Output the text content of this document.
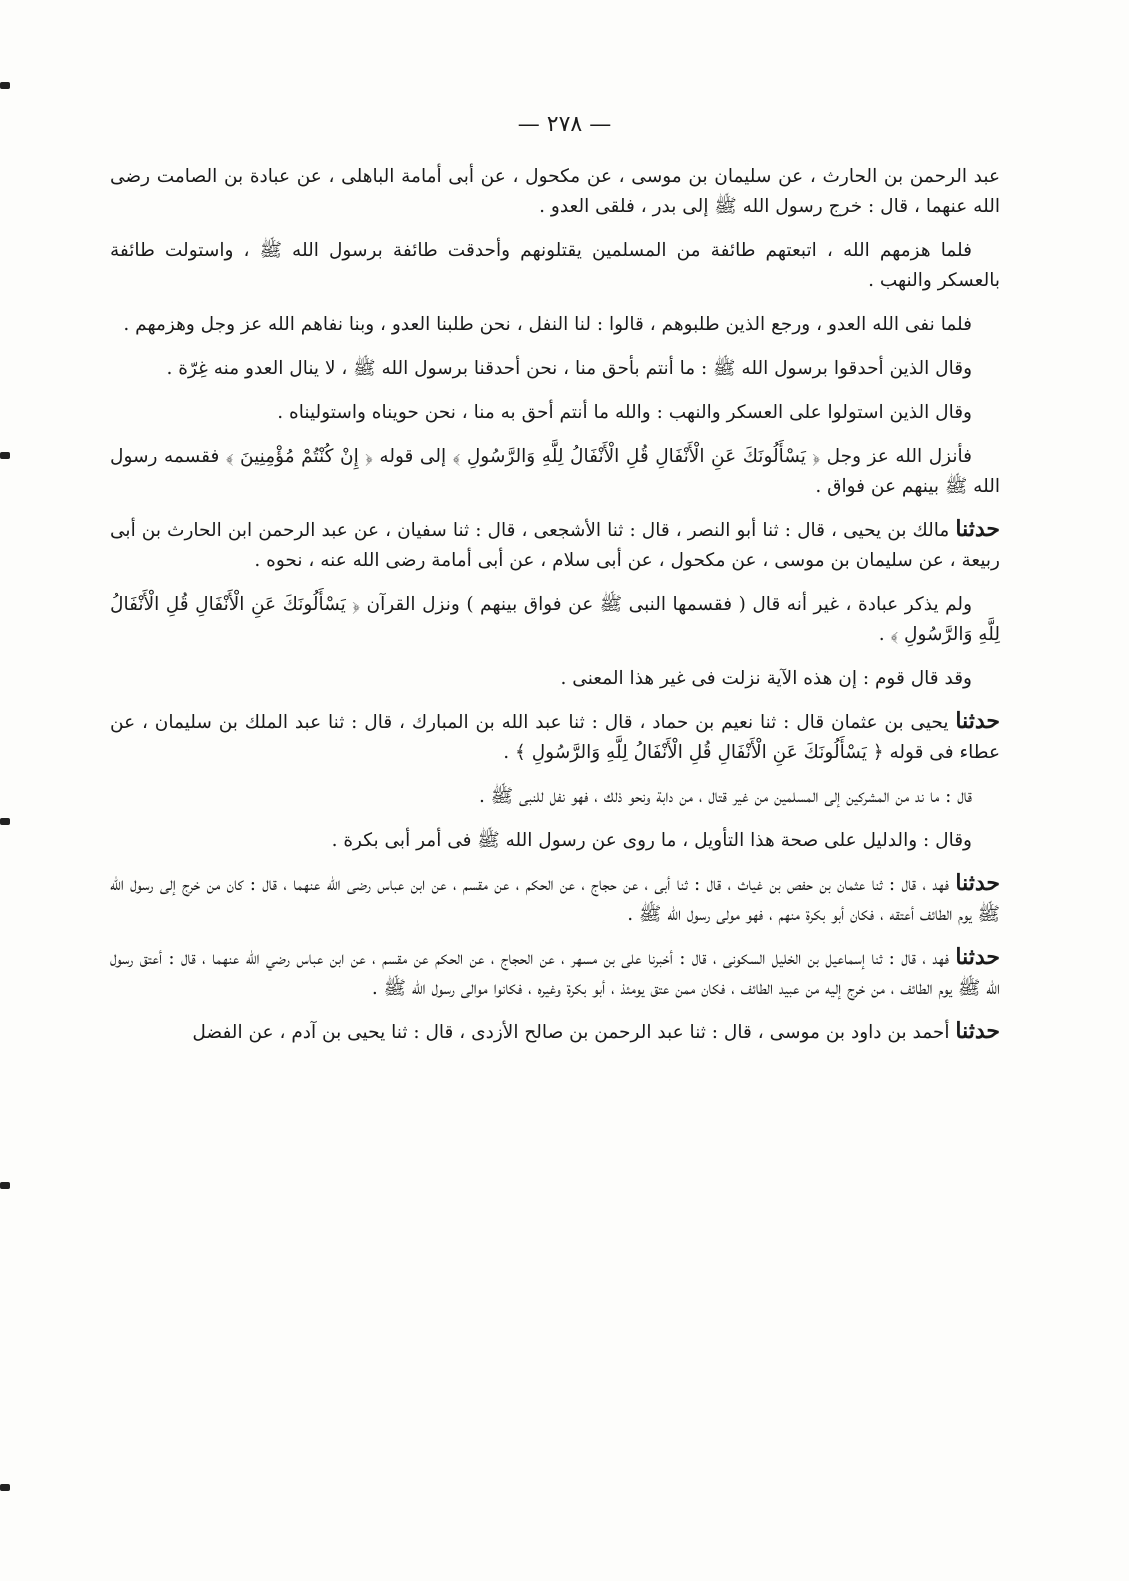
— ٢٧٨ —

عبد الرحمن بن الحارث ، عن سليمان بن موسى ، عن مكحول ، عن أبى أمامة الباهلى ، عن عبادة بن الصامت رضى الله عنهما ، قال : خرج رسول الله ﷺ إلى بدر ، فلقى العدو .

فلما هزمهم الله ، اتبعتهم طائفة من المسلمين يقتلونهم وأحدقت طائفة برسول الله ﷺ ، واستولت طائفة بالعسكر والنهب .

فلما نفى الله العدو ، ورجع الذين طلبوهم ، قالوا : لنا النفل ، نحن طلبنا العدو ، وبنا نفاهم الله عز وجل وهزمهم .

وقال الذين أحدقوا برسول الله ﷺ : ما أنتم بأحق منا ، نحن أحدقنا برسول الله ﷺ ، لا ينال العدو منه غِرّة .

وقال الذين استولوا على العسكر والنهب : والله ما أنتم أحق به منا ، نحن حويناه واستوليناه .

فأنزل الله عز وجل ﴿ يَسْأَلُونَكَ عَنِ الْأَنْفَالِ قُلِ الْأَنْفَالُ لِلَّهِ وَالرَّسُولِ ﴾ إلى قوله ﴿ إِنْ كُنْتُمْ مُؤْمِنِينَ ﴾ فقسمه رسول الله ﷺ بينهم عن فواق .

حدثنا مالك بن يحيى ، قال : ثنا أبو النصر ، قال : ثنا الأشجعى ، قال : ثنا سفيان ، عن عبد الرحمن ابن الحارث بن أبى ربيعة ، عن سليمان بن موسى ، عن مكحول ، عن أبى سلام ، عن أبى أمامة رضى الله عنه ، نحوه .

ولم يذكر عبادة ، غير أنه قال ( فقسمها النبى ﷺ عن فواق بينهم ) ونزل القرآن ﴿ يَسْأَلُونَكَ عَنِ الْأَنْفَالِ قُلِ الْأَنْفَالُ لِلَّهِ وَالرَّسُولِ ﴾ .

وقد قال قوم : إن هذه الآية نزلت فى غير هذا المعنى .

حدثنا يحيى بن عثمان قال : ثنا نعيم بن حماد ، قال : ثنا عبد الله بن المبارك ، قال : ثنا عبد الملك بن سليمان ، عن عطاء فى قوله ﴿ يَسْأَلُونَكَ عَنِ الْأَنْفَالِ قُلِ الْأَنْفَالُ لِلَّهِ وَالرَّسُولِ ﴾ .

قال : ما ند من المشركين إلى المسلمين من غير قتال ، من دابة ونحو ذلك ، فهو نفل للنبى ﷺ .

وقال : والدليل على صحة هذا التأويل ، ما روى عن رسول الله ﷺ فى أمر أبى بكرة .

حدثنا فهد ، قال : ثنا عثمان بن حفص بن غياث ، قال : ثنا أبى ، عن حجاج ، عن الحكم ، عن مقسم ، عن ابن عباس رضى الله عنهما ، قال : كان من خرج إلى رسول الله ﷺ يوم الطائف أعتقه ، فكان أبو بكرة منهم ، فهو مولى رسول الله ﷺ .

حدثنا فهد ، قال : ثنا إسماعيل بن الخليل السكونى ، قال : أخبرنا على بن مسهر ، عن الحجاج ، عن الحكم عن مقسم ، عن ابن عباس رضي الله عنهما ، قال : أعتق رسول الله ﷺ يوم الطائف ، من خرج إليه من عبيد الطائف ، فكان ممن عتق يومئذ ، أبو بكرة وغيره ، فكانوا موالى رسول الله ﷺ .

حدثنا أحمد بن داود بن موسى ، قال : ثنا عبد الرحمن بن صالح الأزدى ، قال : ثنا يحيى بن آدم ، عن الفضل
